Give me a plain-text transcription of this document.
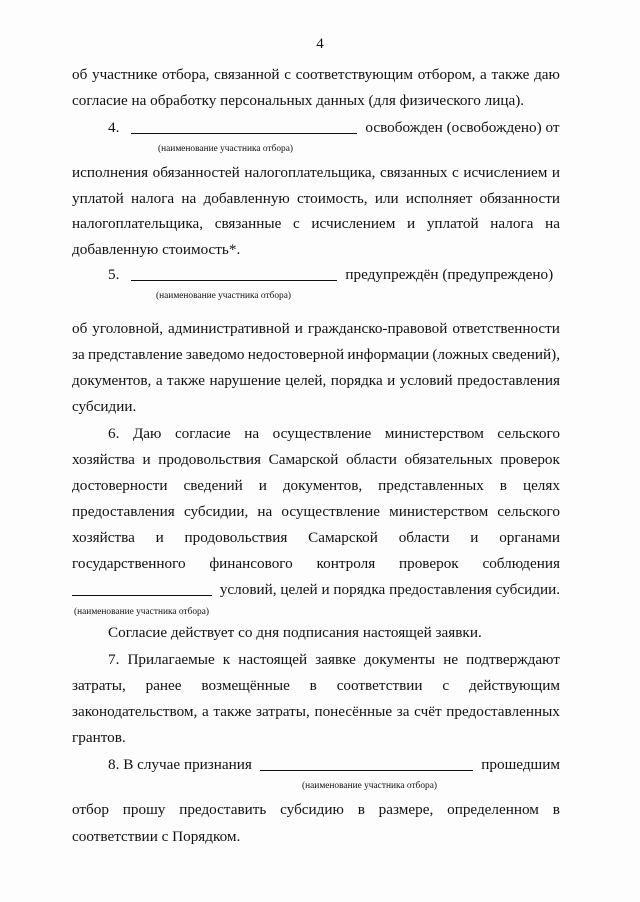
4
об участнике отбора, связанной с соответствующим отбором, а также даю
согласие на обработку персональных данных (для физического лица).
4.	освобожден (освобождено) от
(наименование участника отбора)
исполнения обязанностей налогоплательщика, связанных с исчислением и
уплатой налога на добавленную стоимость, или исполняет обязанности
налогоплательщика, связанные с исчислением и уплатой налога на
добавленную стоимость*.
5.	предупреждён (предупреждено)
(наименование участника отбора)
об уголовной, административной и гражданско-правовой ответственности
за представление заведомо недостоверной информации (ложных сведений),
документов, а также нарушение целей, порядка и условий предоставления
субсидии.
6. Даю согласие на осуществление министерством сельского
хозяйства и продовольствия Самарской области обязательных проверок
достоверности сведений и документов, представленных в целях
предоставления субсидии, на осуществление министерством сельского
хозяйства и продовольствия Самарской области и органами
государственного финансового контроля проверок соблюдения
условий, целей и порядка предоставления субсидии.
(наименование участника отбора)
Согласие действует со дня подписания настоящей заявки.
7. Прилагаемые к настоящей заявке документы не подтверждают
затраты, ранее возмещённые в соответствии с действующим
законодательством, а также затраты, понесённые за счёт предоставленных
грантов.
8. В случае признания	прошедшим
(наименование участника отбора)
отбор прошу предоставить субсидию в размере, определенном в
соответствии с Порядком.
